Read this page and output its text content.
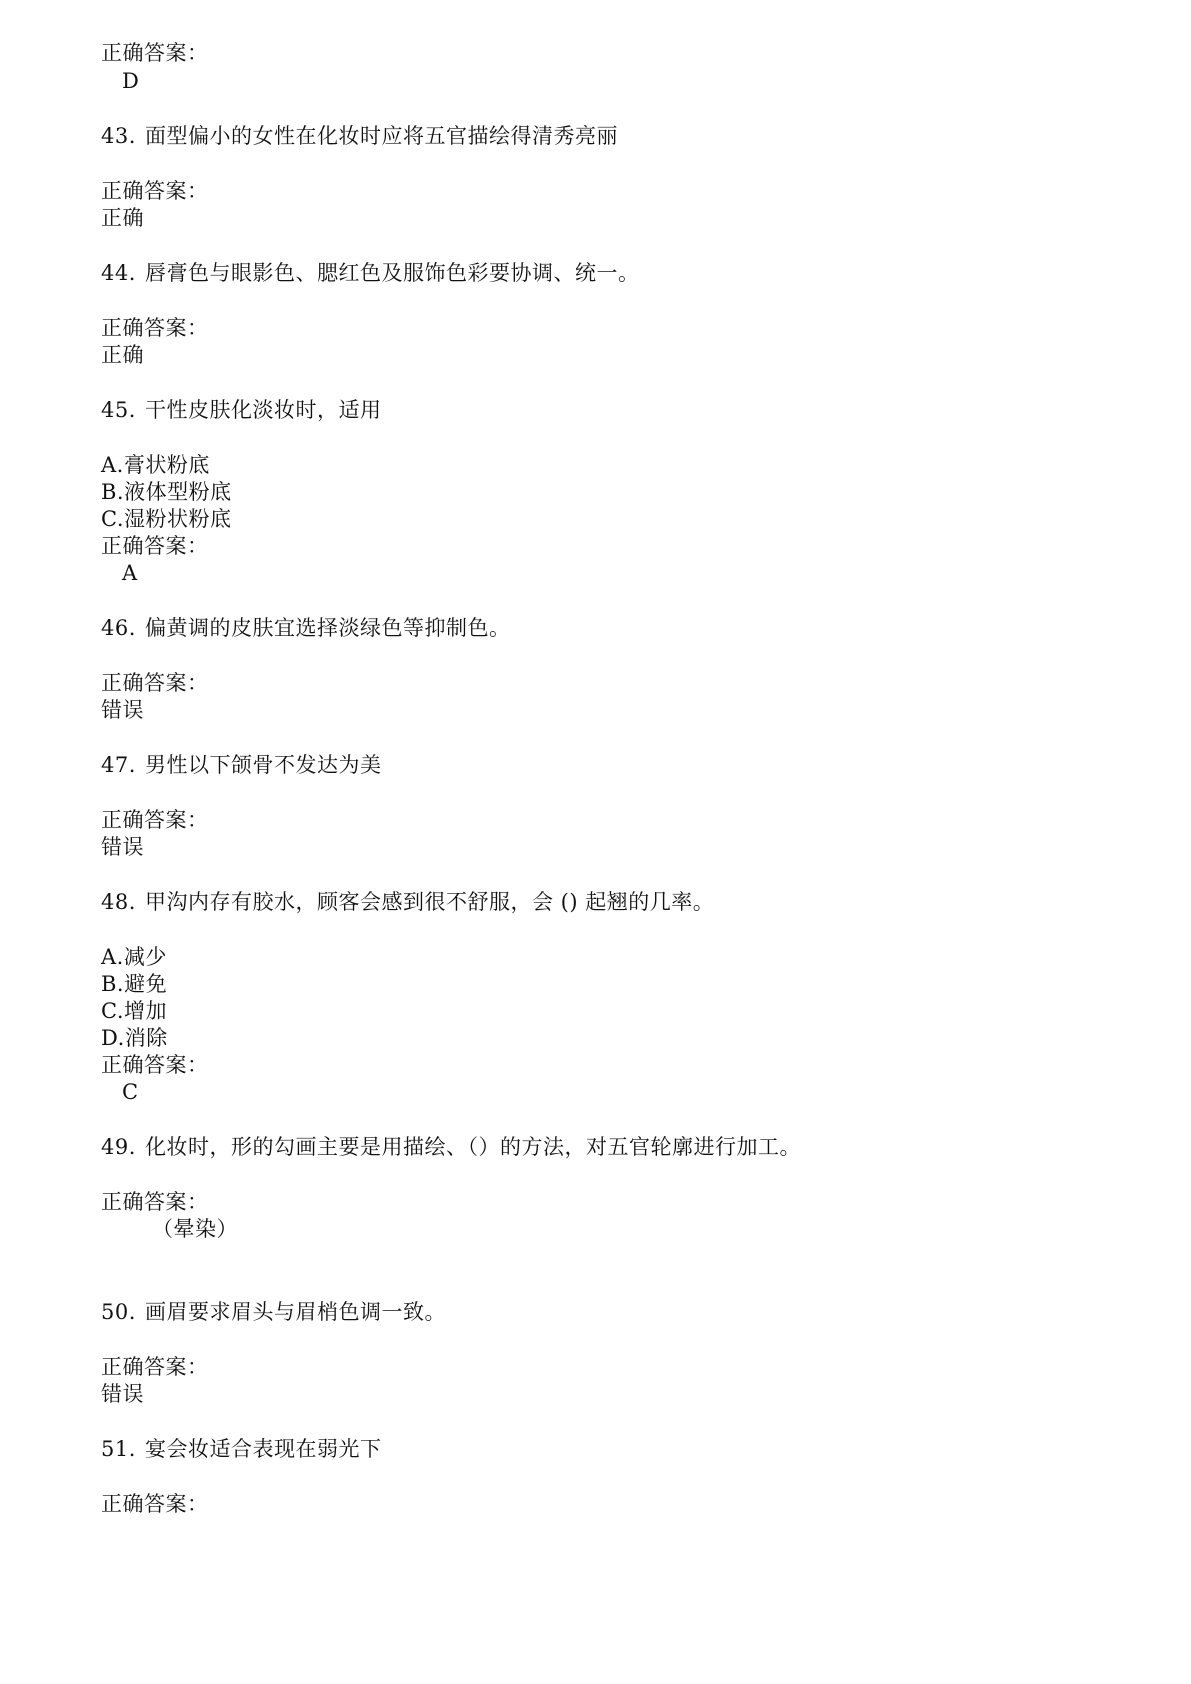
正确答案：
D
43. 面型偏小的女性在化妆时应将五官描绘得清秀亮丽
正确答案：
正确
44. 唇膏色与眼影色、腮红色及服饰色彩要协调、统一。
正确答案：
正确
45. 干性皮肤化淡妆时，适用
A.膏状粉底
B.液体型粉底
C.湿粉状粉底
正确答案：
A
46. 偏黄调的皮肤宜选择淡绿色等抑制色。
正确答案：
错误
47. 男性以下颌骨不发达为美
正确答案：
错误
48. 甲沟内存有胶水，顾客会感到很不舒服，会 () 起翘的几率。
A.减少
B.避免
C.增加
D.消除
正确答案：
C
49. 化妆时，形的勾画主要是用描绘、（）的方法，对五官轮廓进行加工。
正确答案：
（晕染）
50. 画眉要求眉头与眉梢色调一致。
正确答案：
错误
51. 宴会妆适合表现在弱光下
正确答案：
